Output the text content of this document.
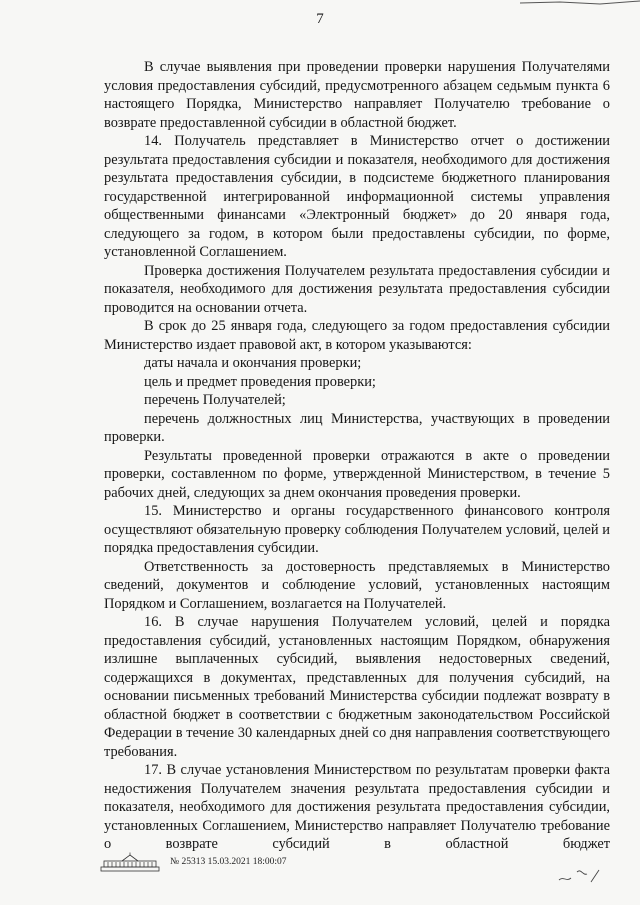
7

В случае выявления при проведении проверки нарушения Получателями условия предоставления субсидий, предусмотренного абзацем седьмым пункта 6 настоящего Порядка, Министерство направляет Получателю требование о возврате предоставленной субсидии в областной бюджет.

14. Получатель представляет в Министерство отчет о достижении результата предоставления субсидии и показателя, необходимого для достижения результата предоставления субсидии, в подсистеме бюджетного планирования государственной интегрированной информационной системы управления общественными финансами «Электронный бюджет» до 20 января года, следующего за годом, в котором были предоставлены субсидии, по форме, установленной Соглашением.

Проверка достижения Получателем результата предоставления субсидии и показателя, необходимого для достижения результата предоставления субсидии проводится на основании отчета.

В срок до 25 января года, следующего за годом предоставления субсидии Министерство издает правовой акт, в котором указываются:

даты начала и окончания проверки;

цель и предмет проведения проверки;

перечень Получателей;

перечень должностных лиц Министерства, участвующих в проведении проверки.

Результаты проведенной проверки отражаются в акте о проведении проверки, составленном по форме, утвержденной Министерством, в течение 5 рабочих дней, следующих за днем окончания проведения проверки.

15. Министерство и органы государственного финансового контроля осуществляют обязательную проверку соблюдения Получателем условий, целей и порядка предоставления субсидии.

Ответственность за достоверность представляемых в Министерство сведений, документов и соблюдение условий, установленных настоящим Порядком и Соглашением, возлагается на Получателей.

16. В случае нарушения Получателем условий, целей и порядка предоставления субсидий, установленных настоящим Порядком, обнаружения излишне выплаченных субсидий, выявления недостоверных сведений, содержащихся в документах, представленных для получения субсидий, на основании письменных требований Министерства субсидии подлежат возврату в областной бюджет в соответствии с бюджетным законодательством Российской Федерации в течение 30 календарных дней со дня направления соответствующего требования.

17. В случае установления Министерством по результатам проверки факта недостижения Получателем значения результата предоставления субсидии и показателя, необходимого для достижения результата предоставления субсидии, установленных Соглашением, Министерство направляет Получателю требование о возврате субсидий в областной бюджет

№ 25313 15.03.2021 18:00:07
